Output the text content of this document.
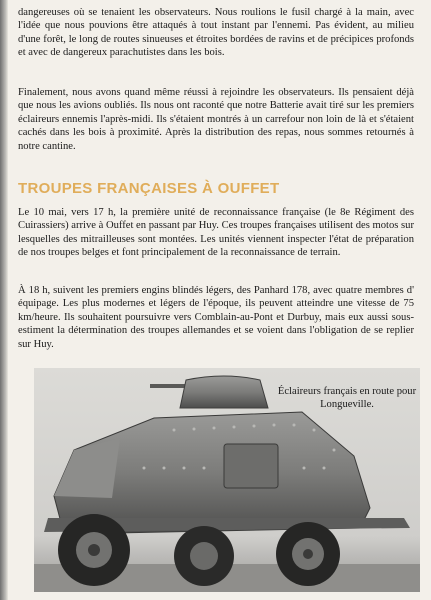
dangereuses où se tenaient les observateurs. Nous roulions le fusil chargé à la main, avec l'idée que nous pouvions être attaqués à tout instant par l'ennemi. Pas évident, au milieu d'une forêt, le long de routes sinueuses et étroites bordées de ravins et de précipices profonds et avec de dangereux parachutistes dans les bois.

Finalement, nous avons quand même réussi à rejoindre les observateurs. Ils pensaient déjà que nous les avions oubliés. Ils nous ont raconté que notre Batterie avait tiré sur les premiers éclaireurs ennemis l'après-midi. Ils s'étaient montrés à un carrefour non loin de là et s'étaient cachés dans les bois à proximité. Après la distribution des repas, nous sommes retournés à notre cantine.

TROUPES FRANÇAISES À OUFFET

Le 10 mai, vers 17 h, la première unité de reconnaissance française (le 8e Régiment des Cuirassiers) arrive à Ouffet en passant par Huy. Ces troupes françaises utilisent des motos sur lesquelles des mitrailleuses sont montées. Les unités viennent inspecter l'état de préparation de nos troupes belges et font principalement de la reconnaissance de terrain.

À 18 h, suivent les premiers engins blindés légers, des Panhard 178, avec quatre membres d' équipage. Les plus modernes et légers de l'époque, ils peuvent atteindre une vitesse de 75 km/heure. Ils souhaitent poursuivre vers Comblain-au-Pont et Durbuy, mais eux aussi sous-estiment la détermination des troupes allemandes et se voient dans l'obligation de se replier sur Huy.

Éclaireurs français en route pour Longueville.
